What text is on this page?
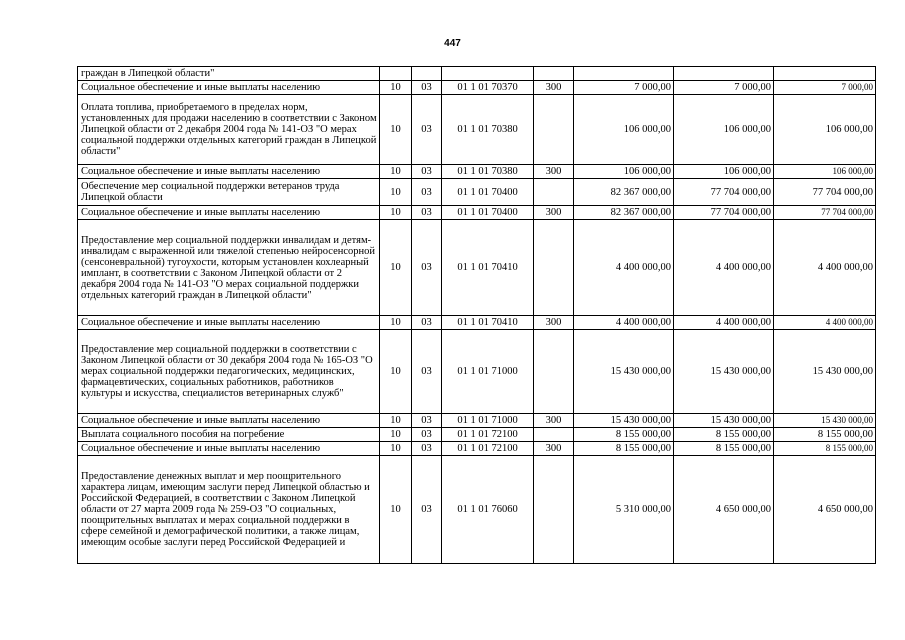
447
граждан в Липецкой области"							
Социальное обеспечение и иные выплаты населению	10	03	01 1 01 70370	300	7 000,00	7 000,00	7 000,00
Оплата топлива, приобретаемого в пределах норм, установленных для продажи населению в соответствии с Законом Липецкой области от 2 декабря 2004 года № 141-ОЗ "О мерах социальной поддержки отдельных категорий граждан в Липецкой области"	10	03	01 1 01 70380		106 000,00	106 000,00	106 000,00
Социальное обеспечение и иные выплаты населению	10	03	01 1 01 70380	300	106 000,00	106 000,00	106 000,00
Обеспечение мер социальной поддержки ветеранов труда Липецкой области	10	03	01 1 01 70400		82 367 000,00	77 704 000,00	77 704 000,00
Социальное обеспечение и иные выплаты населению	10	03	01 1 01 70400	300	82 367 000,00	77 704 000,00	77 704 000,00
Предоставление мер социальной поддержки инвалидам и детям-инвалидам с выраженной или тяжелой степенью нейросенсорной (сенсоневральной) тугоухости, которым установлен кохлеарный имплант, в соответствии с Законом Липецкой области от 2 декабря 2004 года № 141-ОЗ "О мерах социальной поддержки отдельных категорий граждан в Липецкой области"	10	03	01 1 01 70410		4 400 000,00	4 400 000,00	4 400 000,00
Социальное обеспечение и иные выплаты населению	10	03	01 1 01 70410	300	4 400 000,00	4 400 000,00	4 400 000,00
Предоставление мер социальной поддержки в соответствии с Законом Липецкой области от 30 декабря 2004 года № 165-ОЗ "О мерах социальной поддержки педагогических, медицинских, фармацевтических, социальных работников, работников культуры и искусства, специалистов ветеринарных служб"	10	03	01 1 01 71000		15 430 000,00	15 430 000,00	15 430 000,00
Социальное обеспечение и иные выплаты населению	10	03	01 1 01 71000	300	15 430 000,00	15 430 000,00	15 430 000,00
Выплата социального пособия на погребение	10	03	01 1 01 72100		8 155 000,00	8 155 000,00	8 155 000,00
Социальное обеспечение и иные выплаты населению	10	03	01 1 01 72100	300	8 155 000,00	8 155 000,00	8 155 000,00
Предоставление денежных выплат и мер поощрительного характера лицам, имеющим заслуги перед Липецкой областью и Российской Федерацией, в соответствии с Законом Липецкой области от 27 марта 2009 года № 259-ОЗ "О социальных, поощрительных выплатах и мерах социальной поддержки в сфере семейной и демографической политики, а также лицам, имеющим особые заслуги перед Российской Федерацией и	10	03	01 1 01 76060		5 310 000,00	4 650 000,00	4 650 000,00
